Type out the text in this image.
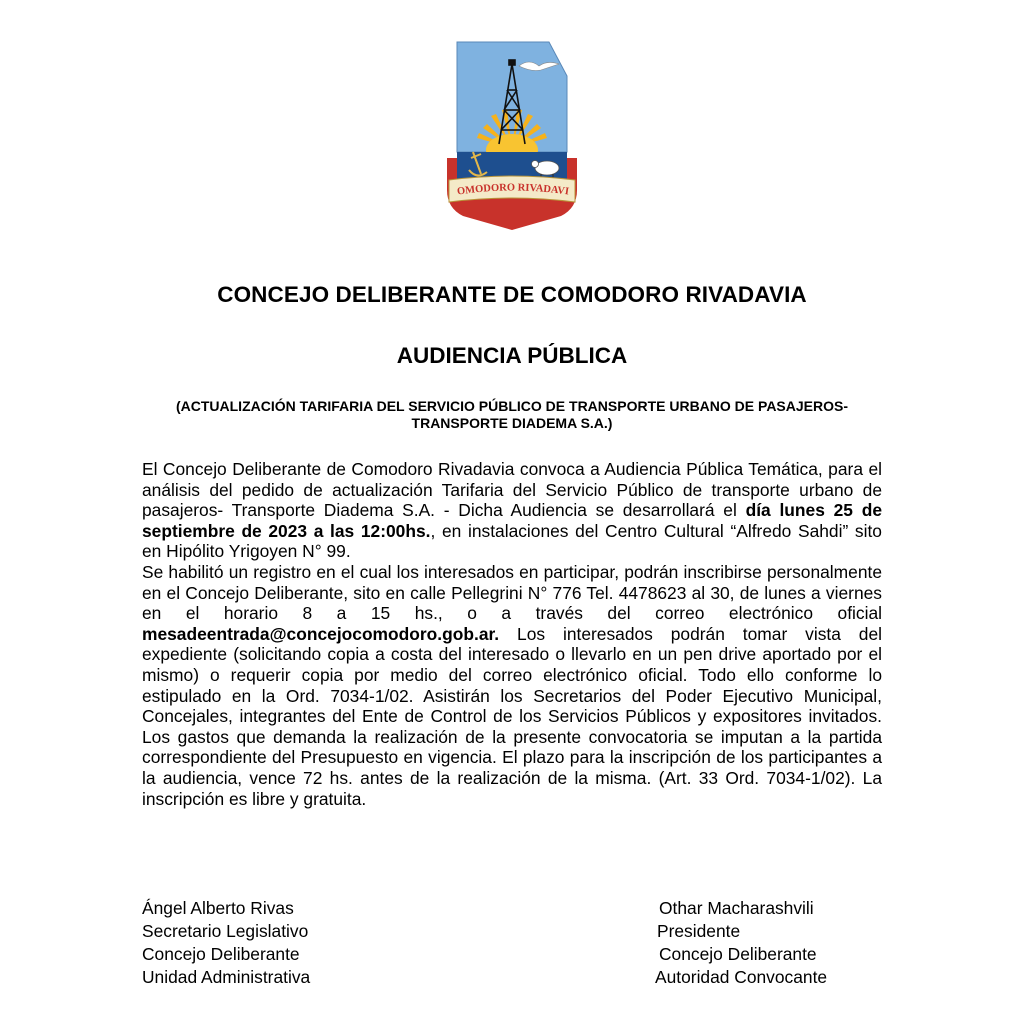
OMODORO RIVADAVI
CONCEJO DELIBERANTE DE COMODORO RIVADAVIA
AUDIENCIA PÚBLICA

(ACTUALIZACIÓN TARIFARIA DEL SERVICIO PÚBLICO DE TRANSPORTE URBANO DE PASAJEROS- TRANSPORTE DIADEMA S.A.)

El Concejo Deliberante de Comodoro Rivadavia convoca a Audiencia Pública Temática, para el análisis del pedido de actualización Tarifaria del Servicio Público de transporte urbano de pasajeros- Transporte Diadema S.A. - Dicha Audiencia se desarrollará el día lunes 25 de septiembre de 2023 a las 12:00hs., en instalaciones del Centro Cultural “Alfredo Sahdi” sito en Hipólito Yrigoyen N° 99.

Se habilitó un registro en el cual los interesados en participar, podrán inscribirse personalmente en el Concejo Deliberante, sito en calle Pellegrini N° 776 Tel. 4478623 al 30, de lunes a viernes en el horario 8 a 15 hs., o a través del correo electrónico oficial mesadeentrada@concejocomodoro.gob.ar. Los interesados podrán tomar vista del expediente (solicitando copia a costa del interesado o llevarlo en un pen drive aportado por el mismo) o requerir copia por medio del correo electrónico oficial. Todo ello conforme lo estipulado en la Ord. 7034-1/02. Asistirán los Secretarios del Poder Ejecutivo Municipal, Concejales, integrantes del Ente de Control de los Servicios Públicos y expositores invitados. Los gastos que demanda la realización de la presente convocatoria se imputan a la partida correspondiente del Presupuesto en vigencia. El plazo para la inscripción de los participantes a la audiencia, vence 72 hs. antes de la realización de la misma. (Art. 33 Ord. 7034-1/02). La inscripción es libre y gratuita.

Ángel Alberto Rivas
Secretario Legislativo
Concejo Deliberante
Unidad Administrativa
Othar Macharashvili
Presidente
Concejo Deliberante
Autoridad Convocante
